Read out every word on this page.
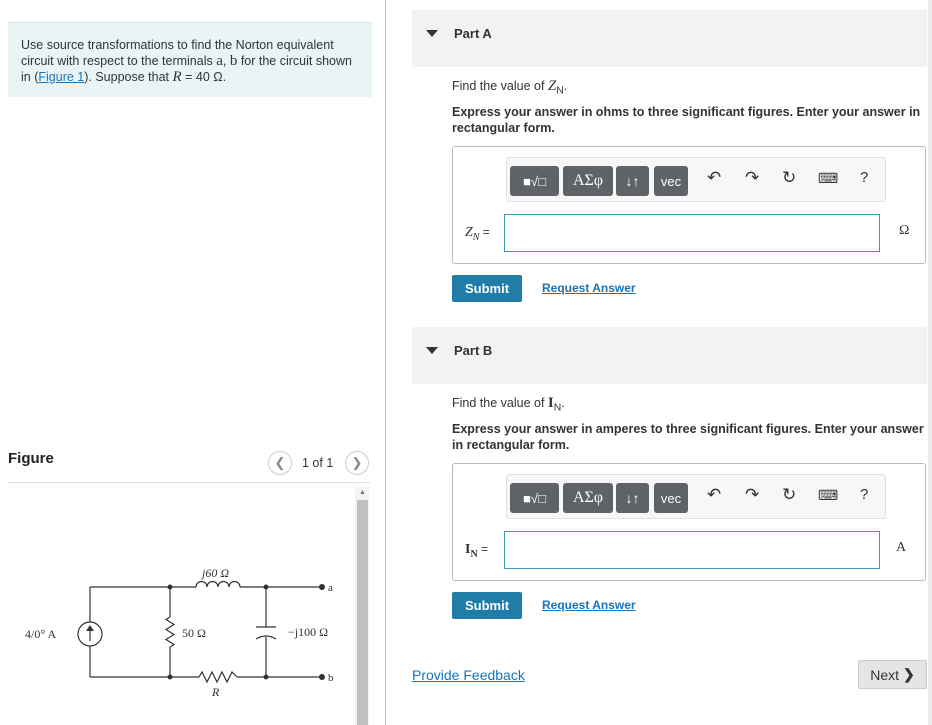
Use source transformations to find the Norton equivalent circuit with respect to the terminals a, b for the circuit shown in (Figure 1). Suppose that R = 40 Ω.
Figure	❮ 1 of 1 ❯
4/0° A	50 Ω
j60 Ω
−j100 Ω
R
a
b
▲
Part A
Find the value of $Z_N$.
Express your answer in ohms to three significant figures. Enter your answer in rectangular form.
■√□	ΑΣφ	↓↑	vec	↶ ↷ ↻ ⌨ ?
$Z_N$ =	Ω
Submit	Request Answer
Part B
Find the value of $I_N$.
Express your answer in amperes to three significant figures. Enter your answer in rectangular form.
■√□	ΑΣφ	↓↑	vec	↶ ↷ ↻ ⌨ ?
$I_N$ =	A
Submit	Request Answer
Provide Feedback	Next ❯
